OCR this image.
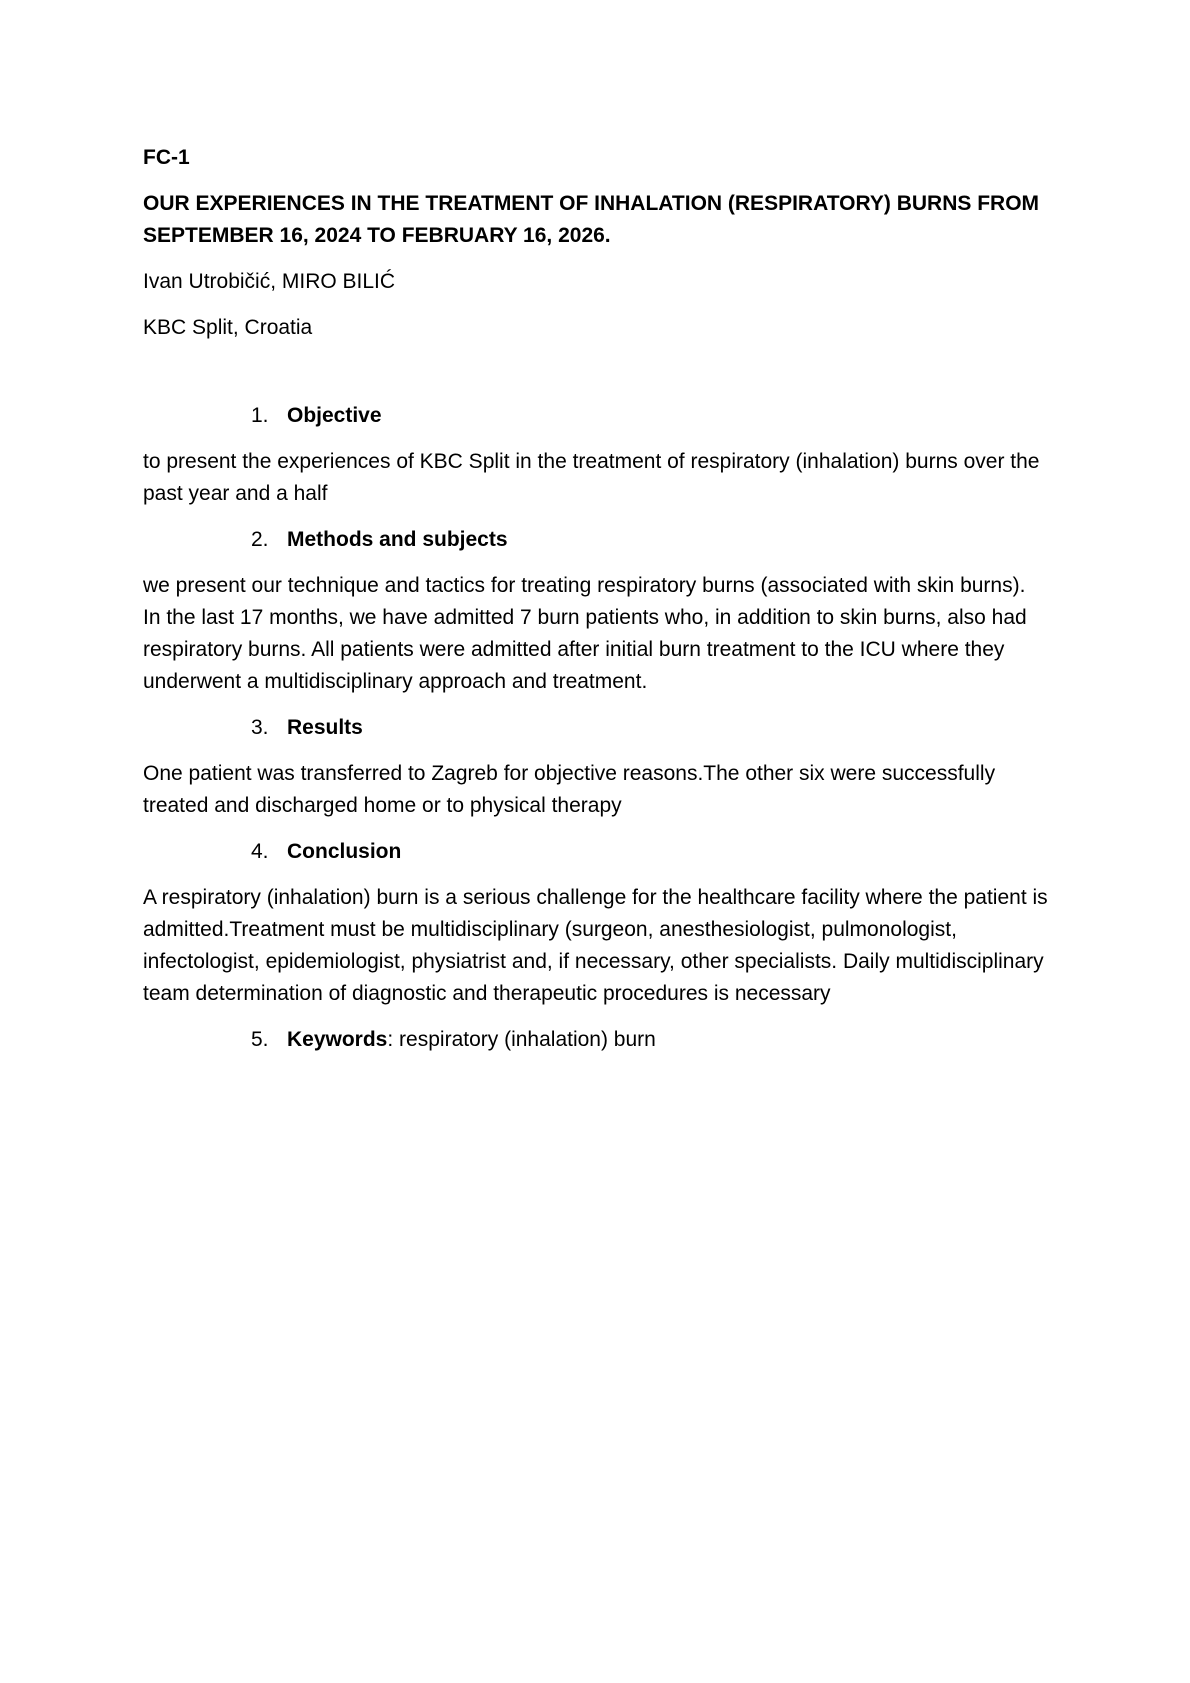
FC-1
OUR EXPERIENCES IN THE TREATMENT OF INHALATION (RESPIRATORY) BURNS FROM SEPTEMBER 16, 2024 TO FEBRUARY 16, 2026.
Ivan Utrobičić, MIRO BILIĆ
KBC Split, Croatia
1. Objective
to present the experiences of KBC Split in the treatment of respiratory (inhalation) burns over the past year and a half
2. Methods and subjects
we present our technique and tactics for treating respiratory burns (associated with skin burns). In the last 17 months, we have admitted 7 burn patients who, in addition to skin burns, also had respiratory burns. All patients were admitted after initial burn treatment to the ICU where they underwent a multidisciplinary approach and treatment.
3. Results
One patient was transferred to Zagreb for objective reasons.The other six were successfully treated and discharged home or to physical therapy
4. Conclusion
A respiratory (inhalation) burn is a serious challenge for the healthcare facility where the patient is admitted.Treatment must be multidisciplinary (surgeon, anesthesiologist, pulmonologist, infectologist, epidemiologist, physiatrist and, if necessary, other specialists. Daily multidisciplinary team determination of diagnostic and therapeutic procedures is necessary
5. Keywords: respiratory (inhalation) burn
